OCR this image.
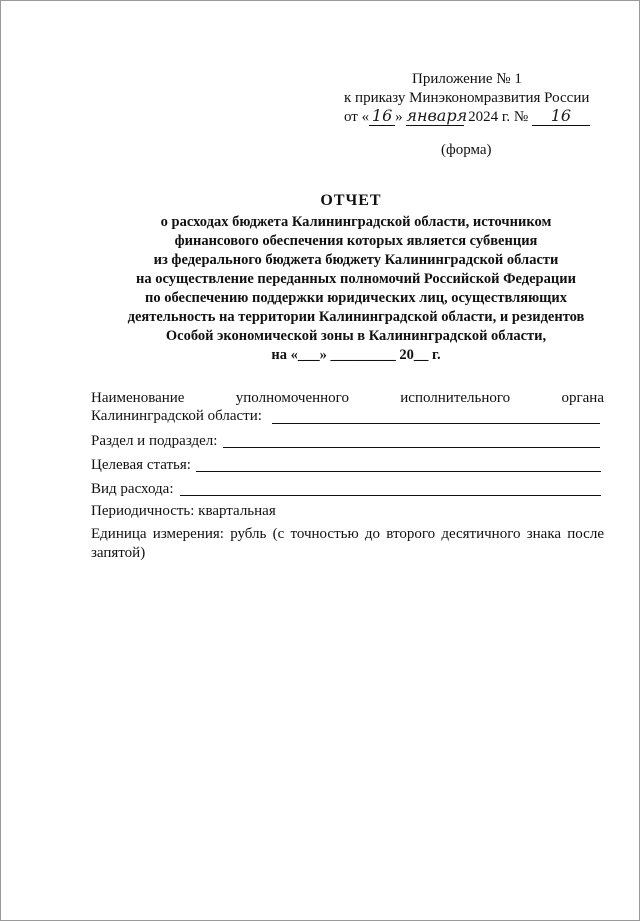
Приложение № 1
к приказу Минэкономразвития России
от « 16 » января 2024 г. № 16
(форма)
ОТЧЕТ
о расходах бюджета Калининградской области, источником
финансового обеспечения которых является субвенция
из федерального бюджета бюджету Калининградской области
на осуществление переданных полномочий Российской Федерации
по обеспечению поддержки юридических лиц, осуществляющих
деятельность на территории Калининградской области, и резидентов
Особой экономической зоны в Калининградской области,
на «___» _________ 20__ г.
Наименование уполномоченного исполнительного органа
Калининградской области:
Раздел и подраздел:
Целевая статья:
Вид расхода:
Периодичность: квартальная
Единица измерения: рубль (с точностью до второго десятичного знака после запятой)
